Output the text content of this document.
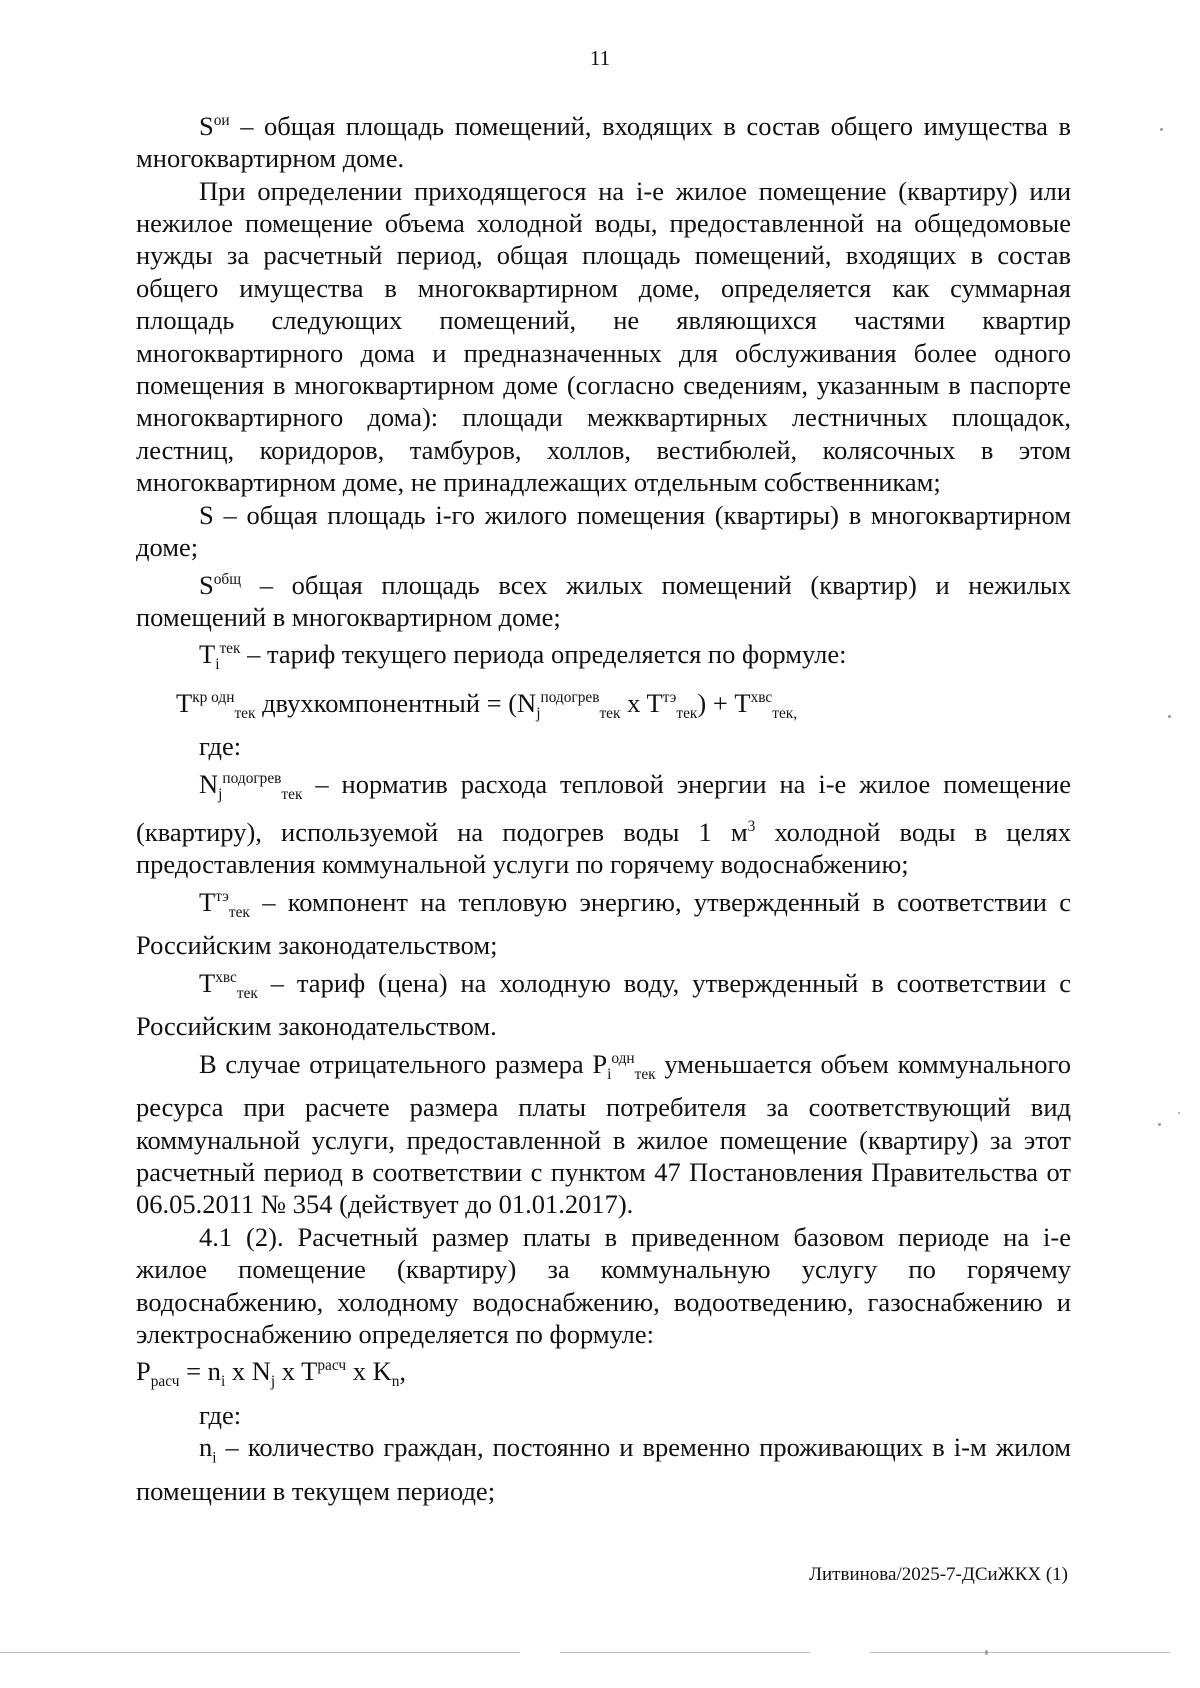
11

$S^{ои}$ – общая площадь помещений, входящих в состав общего имущества в многоквартирном доме.

При определении приходящегося на i-е жилое помещение (квартиру) или нежилое помещение объема холодной воды, предоставленной на общедомовые нужды за расчетный период, общая площадь помещений, входящих в состав общего имущества в многоквартирном доме, определяется как суммарная площадь следующих помещений, не являющихся частями квартир многоквартирного дома и предназначенных для обслуживания более одного помещения в многоквартирном доме (согласно сведениям, указанным в паспорте многоквартирного дома): площади межквартирных лестничных площадок, лестниц, коридоров, тамбуров, холлов, вестибюлей, колясочных в этом многоквартирном доме, не принадлежащих отдельным собственникам;

S – общая площадь i-го жилого помещения (квартиры) в многоквартирном доме;

$S^{общ}$ – общая площадь всех жилых помещений (квартир) и нежилых помещений в многоквартирном доме;

$T_i^{тек}$ – тариф текущего периода определяется по формуле:

$T^{кр одн}_{тек}$ двухкомпонентный = ($N_j^{подогрев}_{тек}$ x $T^{тэ}_{тек}) + T^{хвс}_{тек,}$

где:

$N_j^{подогрев}_{тек}$ – норматив расхода тепловой энергии на i-е жилое помещение (квартиру), используемой на подогрев воды 1 $м^3$ холодной воды в целях предоставления коммунальной услуги по горячему водоснабжению;

$T^{тэ}_{тек}$ – компонент на тепловую энергию, утвержденный в соответствии с Российским законодательством;

$T^{хвс}_{тек}$ – тариф (цена) на холодную воду, утвержденный в соответствии с Российским законодательством.

В случае отрицательного размера $P_i^{одн}_{тек}$ уменьшается объем коммунального ресурса при расчете размера платы потребителя за соответствующий вид коммунальной услуги, предоставленной в жилое помещение (квартиру) за этот расчетный период в соответствии с пунктом 47 Постановления Правительства от 06.05.2011 № 354 (действует до 01.01.2017).

4.1 (2). Расчетный размер платы в приведенном базовом периоде на i-е жилое помещение (квартиру) за коммунальную услугу по горячему водоснабжению, холодному водоснабжению, водоотведению, газоснабжению и электроснабжению определяется по формуле:

$P_{расч} = n_i$ x $N_j$ x $T^{расч}$ x $K_n$,

где:

$n_i$ – количество граждан, постоянно и временно проживающих в i-м жилом помещении в текущем периоде;

Литвинова/2025-7-ДСиЖКХ (1)
